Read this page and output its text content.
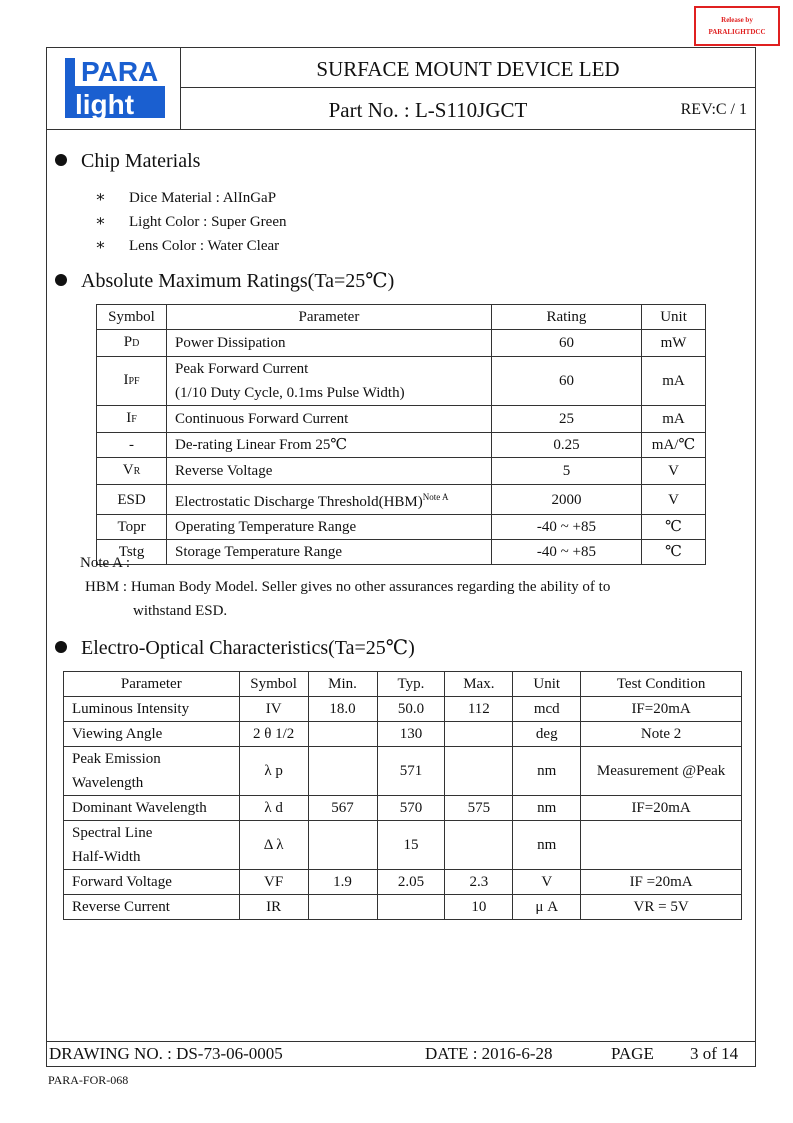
Release by
PARALIGHTDCC
PARA
light
SURFACE MOUNT DEVICE LED
Part No. : L-S110JGCT	REV:C / 1
Chip Materials
∗ Dice Material : AlInGaP
∗ Light Color : Super Green
∗ Lens Color : Water Clear
Absolute Maximum Ratings(Ta=25℃)
Symbol	Parameter	Rating	Unit
PD	Power Dissipation	60	mW
IPF	Peak Forward Current
(1/10 Duty Cycle, 0.1ms Pulse Width)	60	mA
IF	Continuous Forward Current	25	mA
-	De-rating Linear From 25℃	0.25	mA/℃
VR	Reverse Voltage	5	V
ESD	Electrostatic Discharge Threshold(HBM)$^{Note A}$	2000	V
Topr	Operating Temperature Range	-40 ~ +85	℃
Tstg	Storage Temperature Range	-40 ~ +85	℃
Note A :
HBM : Human Body Model. Seller gives no other assurances regarding the ability of to
withstand ESD.
Electro-Optical Characteristics(Ta=25℃)
Parameter	Symbol	Min.	Typ.	Max.	Unit	Test Condition
Luminous Intensity	IV	18.0	50.0	112	mcd	IF=20mA
Viewing Angle	2 θ 1/2		130		deg	Note 2

Peak Emission
Wavelength	λ p		571		nm	Measurement @Peak
Dominant Wavelength	λ d	567	570	575	nm	IF=20mA

Spectral Line
Half-Width	Δ λ		15		nm	
Forward Voltage	VF	1.9	2.05	2.3	V	IF =20mA
Reverse Current	IR			10	μ A	VR = 5V
DRAWING NO. : DS-73-06-0005	DATE : 2016-6-28	PAGE 3 of 14
PARA-FOR-068
